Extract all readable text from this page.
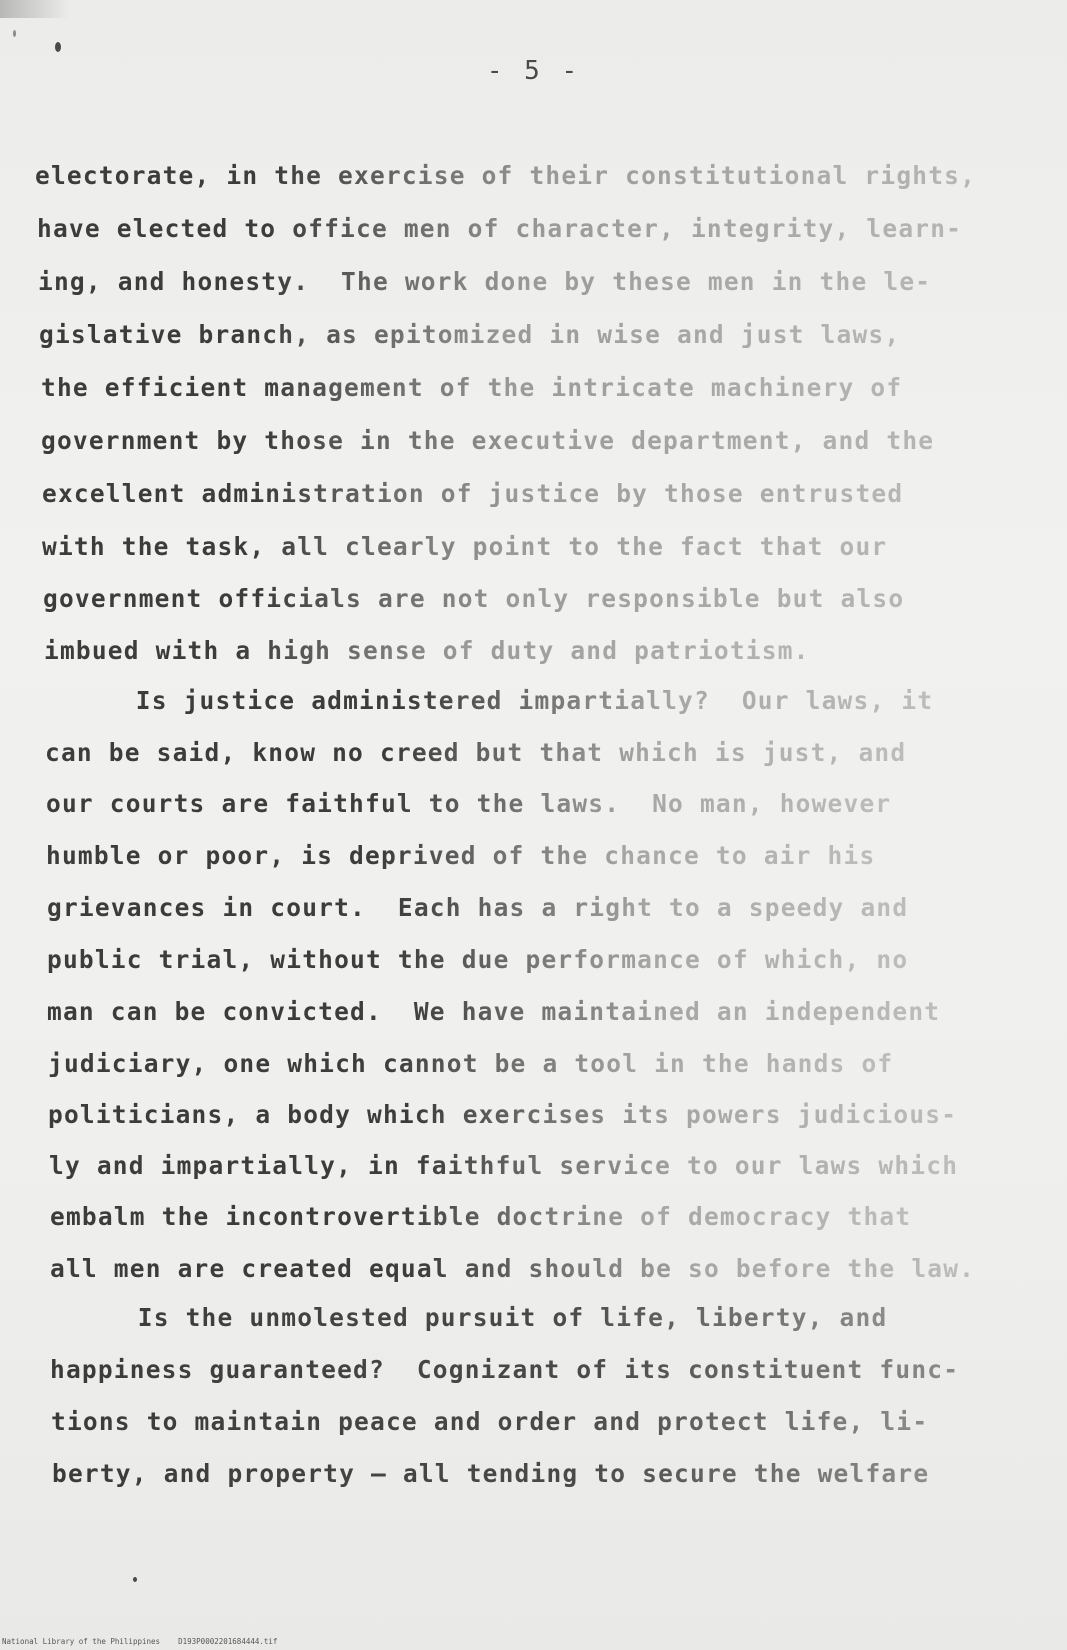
- 5 -
electorate, in the exercise of their constitutional rights,
have elected to office men of character, integrity, learn-
ing, and honesty.  The work done by these men in the le-
gislative branch, as epitomized in wise and just laws,
the efficient management of the intricate machinery of
government by those in the executive department, and the
excellent administration of justice by those entrusted
with the task, all clearly point to the fact that our
government officials are not only responsible but also
imbued with a high sense of duty and patriotism.
Is justice administered impartially?  Our laws, it
can be said, know no creed but that which is just, and
our courts are faithful to the laws.  No man, however
humble or poor, is deprived of the chance to air his
grievances in court.  Each has a right to a speedy and
public trial, without the due performance of which, no
man can be convicted.  We have maintained an independent
judiciary, one which cannot be a tool in the hands of
politicians, a body which exercises its powers judicious-
ly and impartially, in faithful service to our laws which
embalm the incontrovertible doctrine of democracy that
all men are created equal and should be so before the law.
Is the unmolested pursuit of life, liberty, and
happiness guaranteed?  Cognizant of its constituent func-
tions to maintain peace and order and protect life, li-
berty, and property — all tending to secure the welfare
National Library of the Philippines    D193P0002201684444.tif
